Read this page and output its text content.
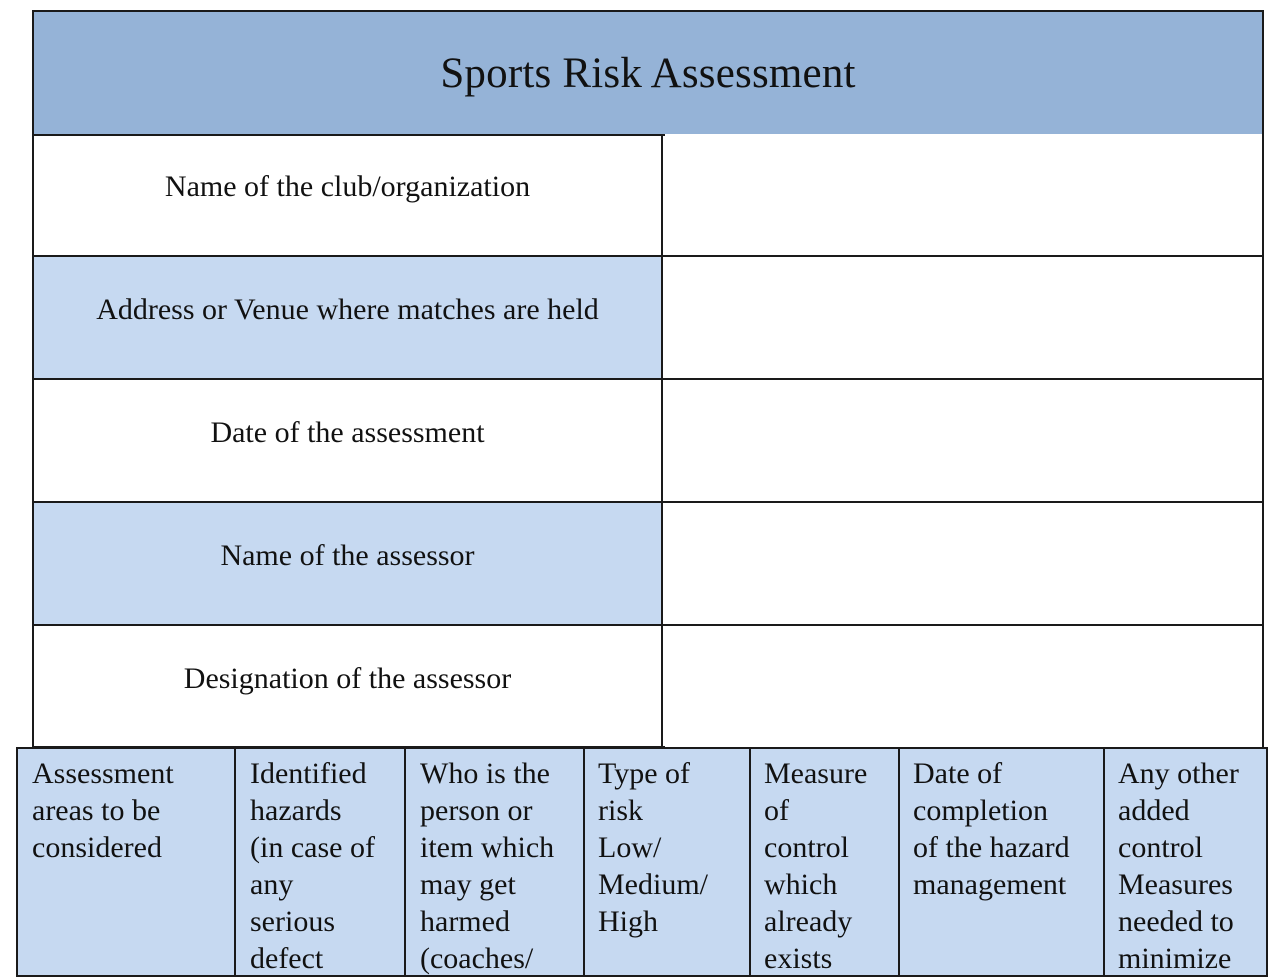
Sports Risk Assessment
Name of the club/organization
Address or Venue where matches are held
Date of the assessment
Name of the assessor
Designation of the assessor
Assessment
areas to be
considered
Identified
hazards
(in case of
any
serious
defect
Who is the
person or
item which
may get
harmed
(coaches/
Type of
risk
Low/
Medium/
High
Measure
of
control
which
already
exists
Date of
completion
of the hazard
management
Any other
added
control
Measures
needed to
minimize
